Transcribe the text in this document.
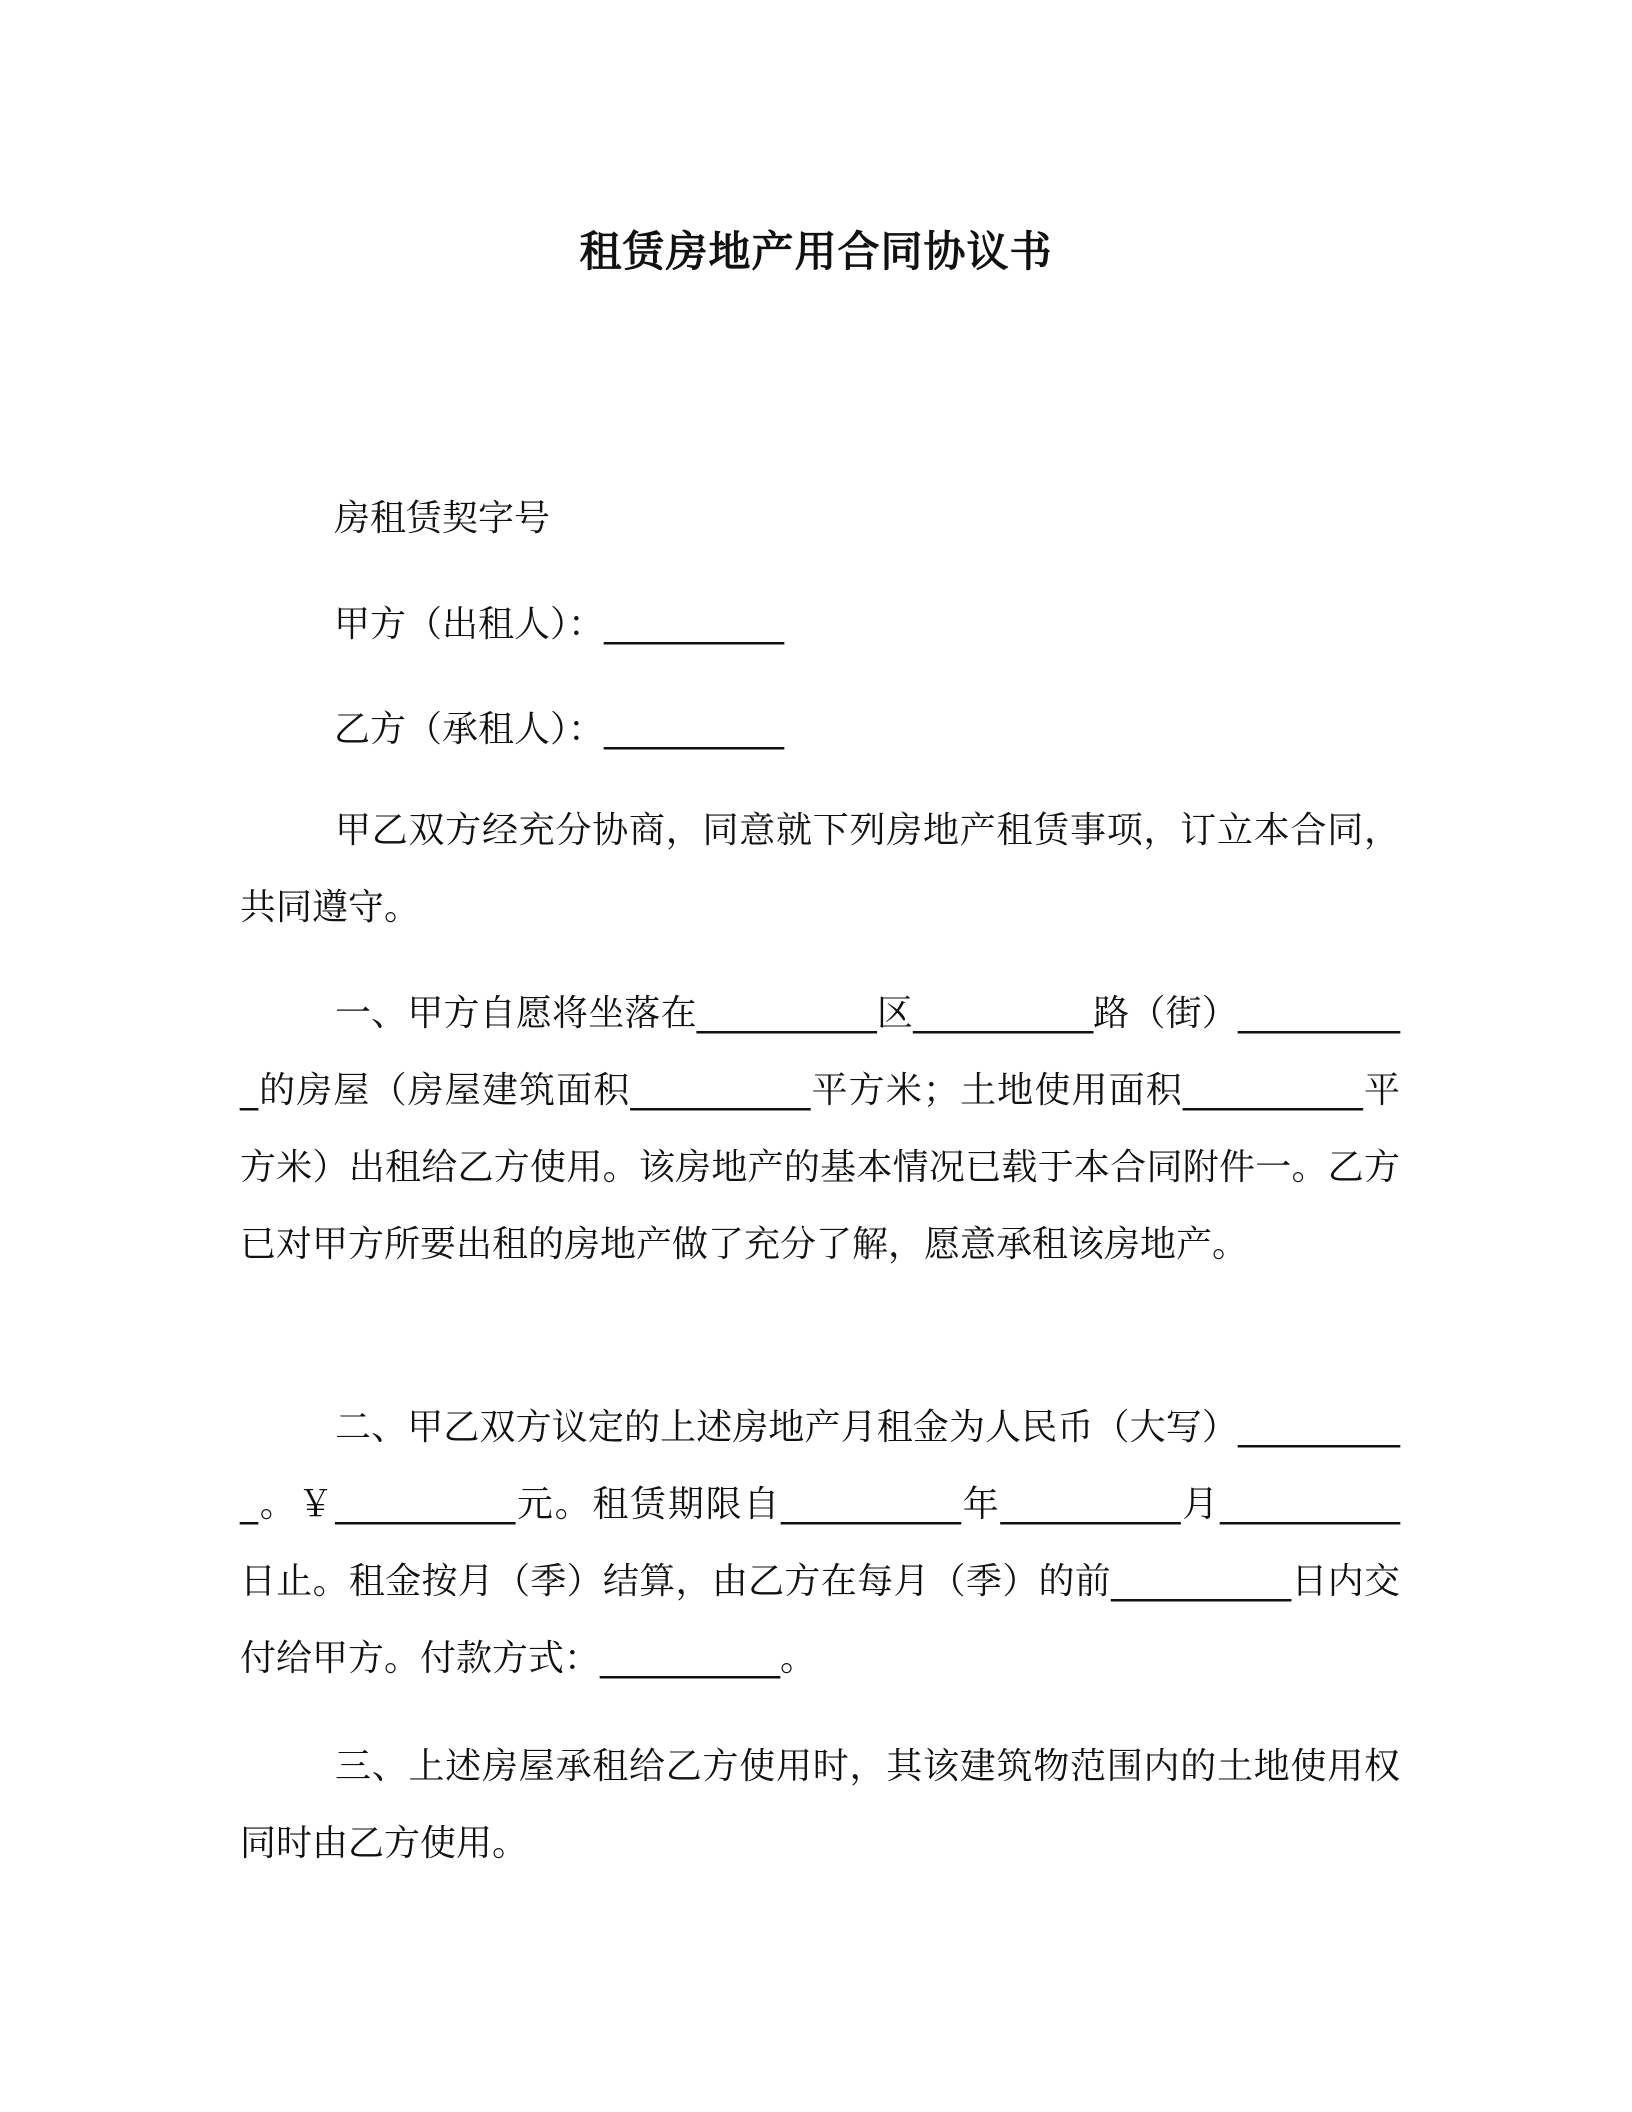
租赁房地产用合同协议书
房租赁契字号
甲方（出租人）：__________
乙方（承租人）：__________
甲乙双方经充分协商，同意就下列房地产租赁事项，订立本合同，共同遵守。
一、甲方自愿将坐落在__________区__________路（街）__________的房屋（房屋建筑面积__________平方米；土地使用面积__________平方米）出租给乙方使用。该房地产的基本情况已载于本合同附件一。乙方已对甲方所要出租的房地产做了充分了解，愿意承租该房地产。
二、甲乙双方议定的上述房地产月租金为人民币（大写）__________。￥__________元。租赁期限自__________年__________月__________日止。租金按月（季）结算，由乙方在每月（季）的前__________日内交付给甲方。付款方式：__________。
三、上述房屋承租给乙方使用时，其该建筑物范围内的土地使用权同时由乙方使用。
